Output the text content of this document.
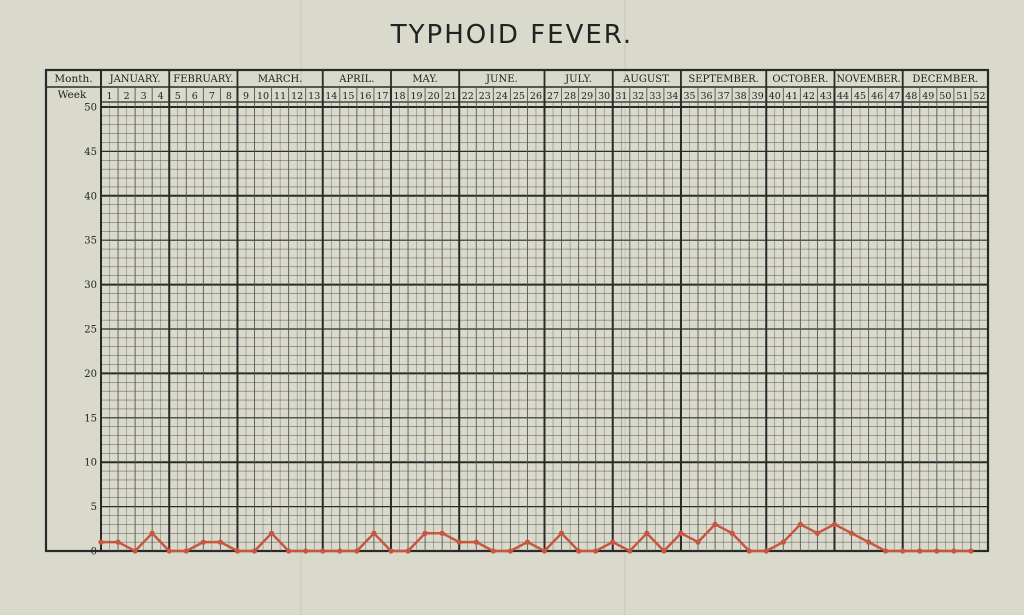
TYPHOID FEVER.
Month.
Week
JANUARY. FEBRUARY. MARCH.	APRIL.	MAY.	JUNE.	JULY.	AUGUST. SEPTEMBER. OCTOBER. NOVEMBER. DECEMBER.
1 2 3 4 5 6 7 8 9 10 11 12 13 14 15 16 17 18 19 20 21 22 23 24 25 26 27 28 29 30 31 32 33 34 35 36 37 38 39 40 41 42 43 44 45 46 47 48 49 50 51 52
0
5
10
15
20
25
30
35
40
45
50
